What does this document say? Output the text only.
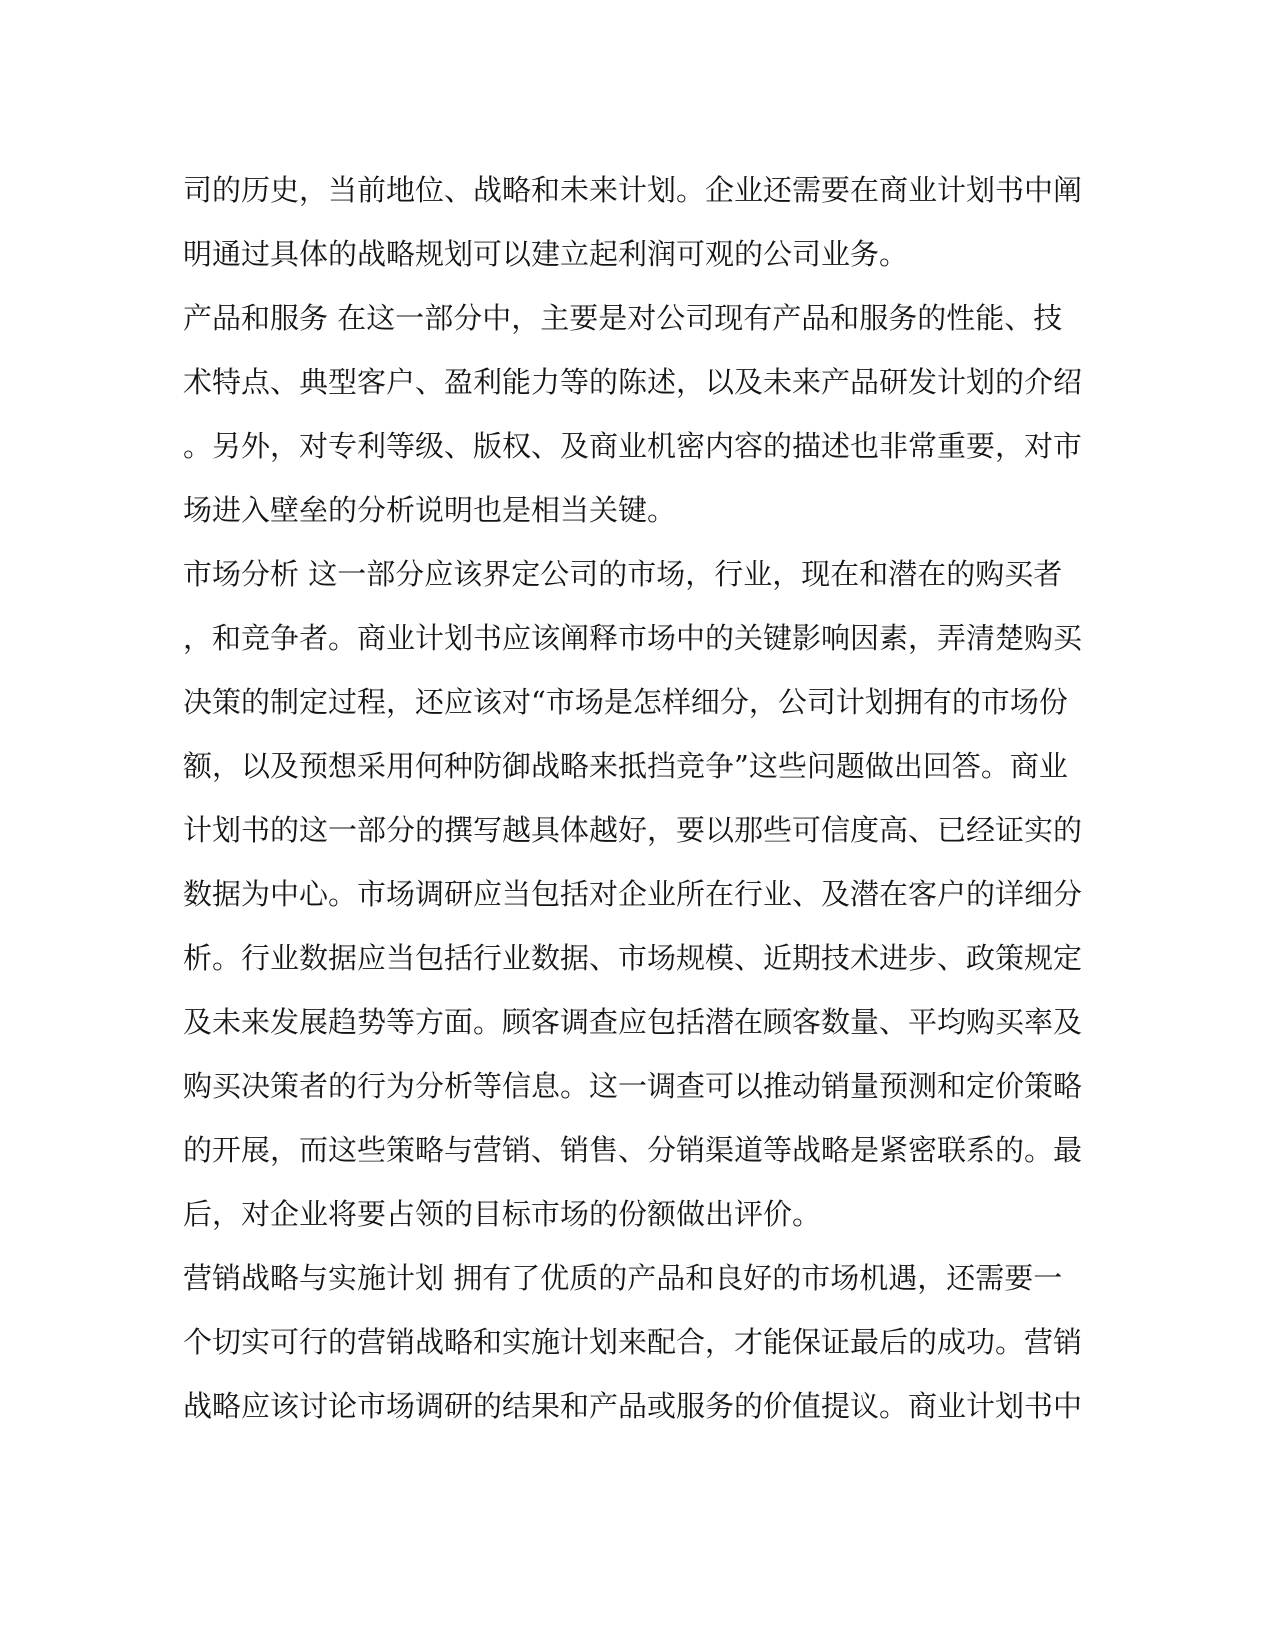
司的历史，当前地位、战略和未来计划。企业还需要在商业计划书中阐
明通过具体的战略规划可以建立起利润可观的公司业务。
产品和服务 在这一部分中，主要是对公司现有产品和服务的性能、技
术特点、典型客户、盈利能力等的陈述，以及未来产品研发计划的介绍
。另外，对专利等级、版权、及商业机密内容的描述也非常重要，对市
场进入壁垒的分析说明也是相当关键。
市场分析 这一部分应该界定公司的市场，行业，现在和潜在的购买者
，和竞争者。商业计划书应该阐释市场中的关键影响因素，弄清楚购买
决策的制定过程，还应该对“市场是怎样细分，公司计划拥有的市场份
额，以及预想采用何种防御战略来抵挡竞争”这些问题做出回答。商业
计划书的这一部分的撰写越具体越好，要以那些可信度高、已经证实的
数据为中心。市场调研应当包括对企业所在行业、及潜在客户的详细分
析。行业数据应当包括行业数据、市场规模、近期技术进步、政策规定
及未来发展趋势等方面。顾客调查应包括潜在顾客数量、平均购买率及
购买决策者的行为分析等信息。这一调查可以推动销量预测和定价策略
的开展，而这些策略与营销、销售、分销渠道等战略是紧密联系的。最
后，对企业将要占领的目标市场的份额做出评价。
营销战略与实施计划 拥有了优质的产品和良好的市场机遇，还需要一
个切实可行的营销战略和实施计划来配合，才能保证最后的成功。营销
战略应该讨论市场调研的结果和产品或服务的价值提议。商业计划书中
